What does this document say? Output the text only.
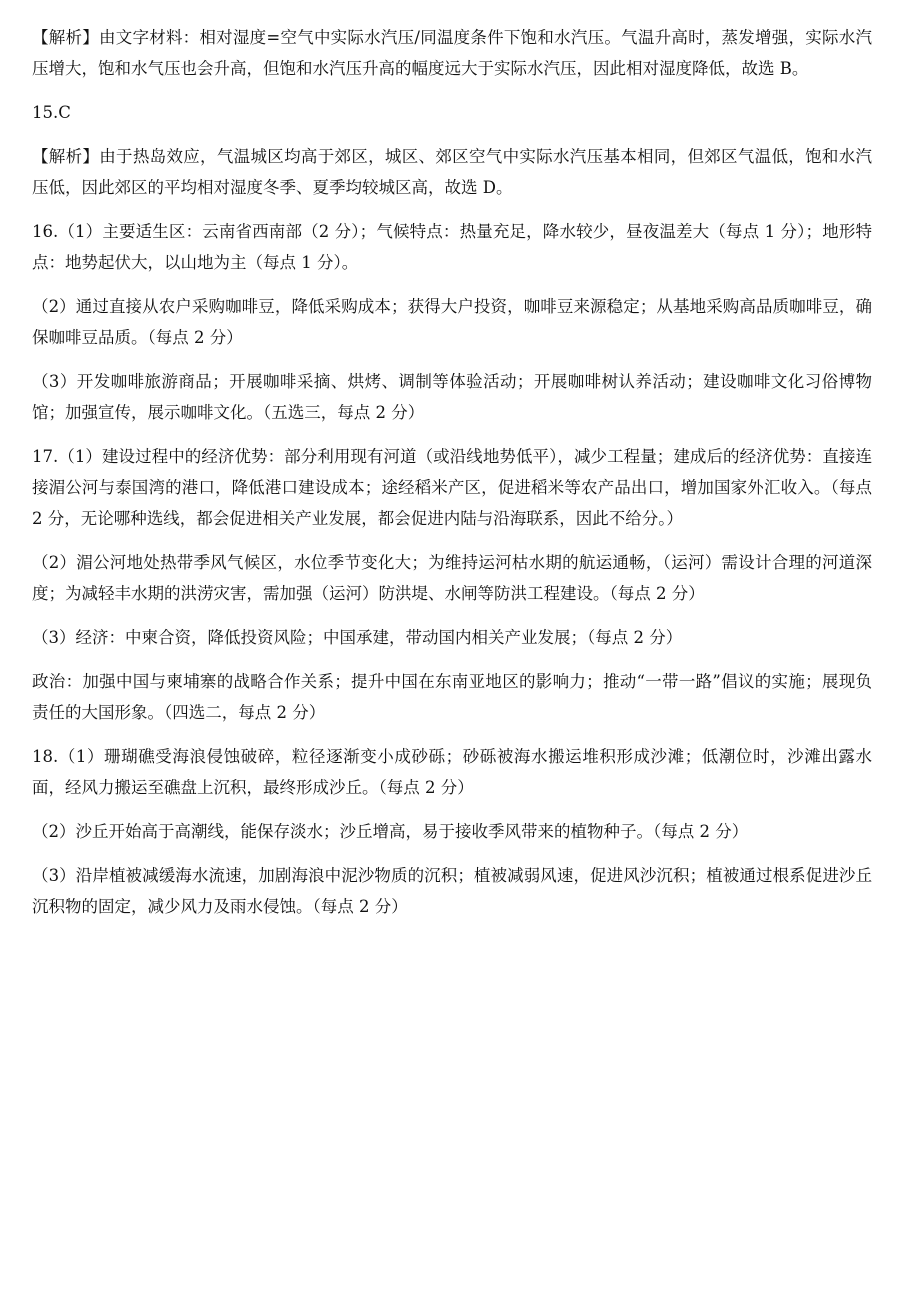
【解析】由文字材料：相对湿度=空气中实际水汽压/同温度条件下饱和水汽压。气温升高时，蒸发增强，实际水汽压增大，饱和水气压也会升高，但饱和水汽压升高的幅度远大于实际水汽压，因此相对湿度降低，故选 B。

15.C

【解析】由于热岛效应，气温城区均高于郊区，城区、郊区空气中实际水汽压基本相同，但郊区气温低，饱和水汽压低，因此郊区的平均相对湿度冬季、夏季均较城区高，故选 D。

16.（1）主要适生区：云南省西南部（2 分）；气候特点：热量充足，降水较少，昼夜温差大（每点 1 分）；地形特点：地势起伏大，以山地为主（每点 1 分）。

（2）通过直接从农户采购咖啡豆，降低采购成本；获得大户投资，咖啡豆来源稳定；从基地采购高品质咖啡豆，确保咖啡豆品质。（每点 2 分）

（3）开发咖啡旅游商品；开展咖啡采摘、烘烤、调制等体验活动；开展咖啡树认养活动；建设咖啡文化习俗博物馆；加强宣传，展示咖啡文化。（五选三，每点 2 分）

17.（1）建设过程中的经济优势：部分利用现有河道（或沿线地势低平），减少工程量；建成后的经济优势：直接连接湄公河与泰国湾的港口，降低港口建设成本；途经稻米产区，促进稻米等农产品出口，增加国家外汇收入。（每点 2 分，无论哪种选线，都会促进相关产业发展，都会促进内陆与沿海联系，因此不给分。）

（2）湄公河地处热带季风气候区，水位季节变化大；为维持运河枯水期的航运通畅，（运河）需设计合理的河道深度；为减轻丰水期的洪涝灾害，需加强（运河）防洪堤、水闸等防洪工程建设。（每点 2 分）

（3）经济：中柬合资，降低投资风险；中国承建，带动国内相关产业发展；（每点 2 分）

政治：加强中国与柬埔寨的战略合作关系；提升中国在东南亚地区的影响力；推动“一带一路”倡议的实施；展现负责任的大国形象。（四选二，每点 2 分）

18.（1）珊瑚礁受海浪侵蚀破碎，粒径逐渐变小成砂砾；砂砾被海水搬运堆积形成沙滩；低潮位时，沙滩出露水面，经风力搬运至礁盘上沉积，最终形成沙丘。（每点 2 分）

（2）沙丘开始高于高潮线，能保存淡水；沙丘增高，易于接收季风带来的植物种子。（每点 2 分）

（3）沿岸植被减缓海水流速，加剧海浪中泥沙物质的沉积；植被减弱风速，促进风沙沉积；植被通过根系促进沙丘沉积物的固定，减少风力及雨水侵蚀。（每点 2 分）
